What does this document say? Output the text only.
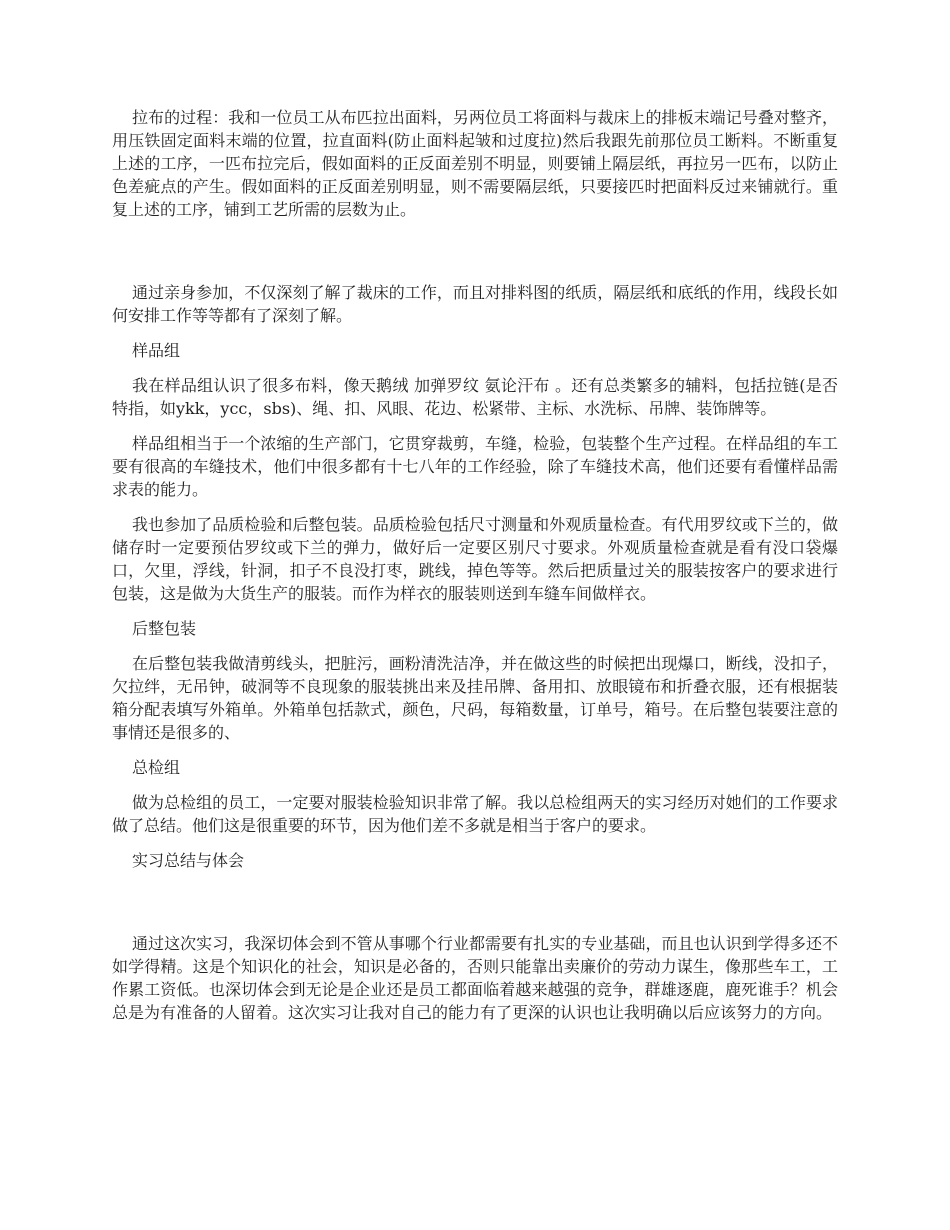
拉布的过程：我和一位员工从布匹拉出面料，另两位员工将面料与裁床上的排板末端记号叠对整齐，用压铁固定面料末端的位置，拉直面料(防止面料起皱和过度拉)然后我跟先前那位员工断料。不断重复上述的工序，一匹布拉完后，假如面料的正反面差别不明显，则要铺上隔层纸，再拉另一匹布，以防止色差疵点的产生。假如面料的正反面差别明显，则不需要隔层纸，只要接匹时把面料反过来铺就行。重复上述的工序，铺到工艺所需的层数为止。

通过亲身参加，不仅深刻了解了裁床的工作，而且对排料图的纸质，隔层纸和底纸的作用，线段长如何安排工作等等都有了深刻了解。

样品组

我在样品组认识了很多布料，像天鹅绒 加弹罗纹 氨论汗布 。还有总类繁多的辅料，包括拉链(是否特指，如ykk，ycc，sbs)、绳、扣、风眼、花边、松紧带、主标、水洗标、吊牌、装饰牌等。

样品组相当于一个浓缩的生产部门，它贯穿裁剪，车缝，检验，包装整个生产过程。在样品组的车工要有很高的车缝技术，他们中很多都有十七八年的工作经验，除了车缝技术高，他们还要有看懂样品需求表的能力。

我也参加了品质检验和后整包装。品质检验包括尺寸测量和外观质量检查。有代用罗纹或下兰的，做储存时一定要预估罗纹或下兰的弹力，做好后一定要区别尺寸要求。外观质量检查就是看有没口袋爆口，欠里，浮线，针洞，扣子不良没打枣，跳线，掉色等等。然后把质量过关的服装按客户的要求进行包装，这是做为大货生产的服装。而作为样衣的服装则送到车缝车间做样衣。

后整包装

在后整包装我做清剪线头，把脏污，画粉清洗洁净，并在做这些的时候把出现爆口，断线，没扣子，欠拉绊，无吊钟，破洞等不良现象的服装挑出来及挂吊牌、备用扣、放眼镜布和折叠衣服，还有根据装箱分配表填写外箱单。外箱单包括款式，颜色，尺码，每箱数量，订单号，箱号。在后整包装要注意的事情还是很多的、

总检组

做为总检组的员工，一定要对服装检验知识非常了解。我以总检组两天的实习经历对她们的工作要求做了总结。他们这是很重要的环节，因为他们差不多就是相当于客户的要求。

实习总结与体会

通过这次实习，我深切体会到不管从事哪个行业都需要有扎实的专业基础，而且也认识到学得多还不如学得精。这是个知识化的社会，知识是必备的，否则只能靠出卖廉价的劳动力谋生，像那些车工，工作累工资低。也深切体会到无论是企业还是员工都面临着越来越强的竞争，群雄逐鹿，鹿死谁手？机会总是为有准备的人留着。这次实习让我对自己的能力有了更深的认识也让我明确以后应该努力的方向。
